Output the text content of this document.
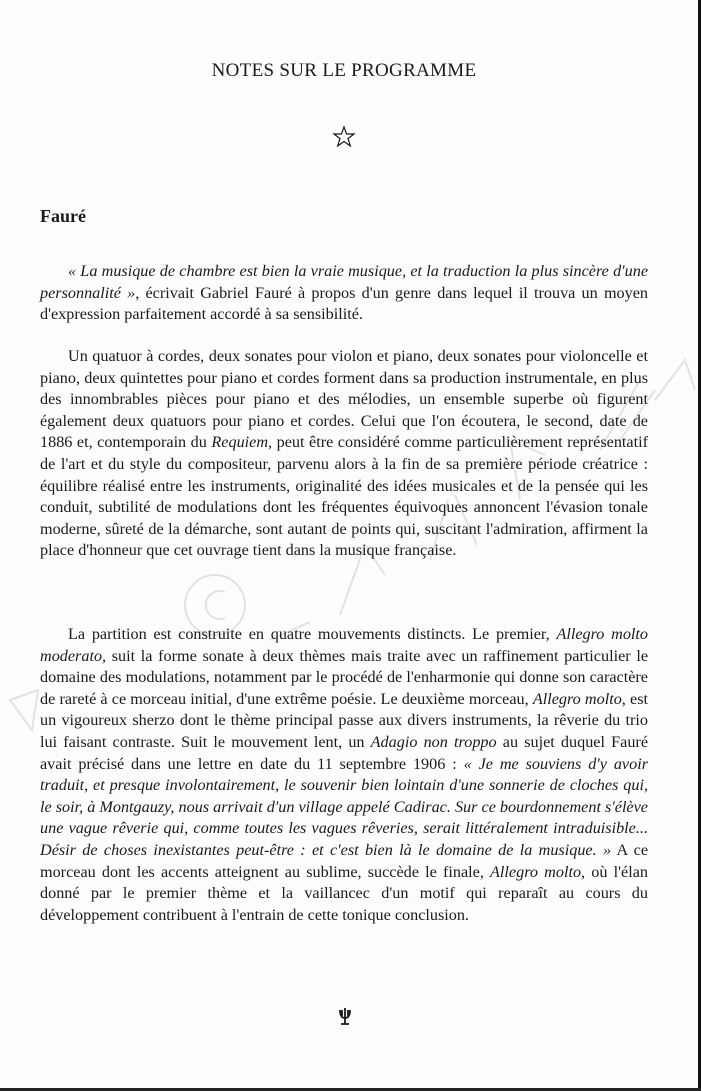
NOTES SUR LE PROGRAMME
Fauré

« La musique de chambre est bien la vraie musique, et la traduction la plus sincère d'une personnalité », écrivait Gabriel Fauré à propos d'un genre dans lequel il trouva un moyen d'expression parfaitement accordé à sa sensibilité.

Un quatuor à cordes, deux sonates pour violon et piano, deux sonates pour violoncelle et piano, deux quintettes pour piano et cordes forment dans sa production instrumentale, en plus des innombrables pièces pour piano et des mélodies, un ensemble superbe où figurent également deux quatuors pour piano et cordes. Celui que l'on écoutera, le second, date de 1886 et, contemporain du Requiem, peut être considéré comme particulièrement représentatif de l'art et du style du compositeur, parvenu alors à la fin de sa première période créatrice : équilibre réalisé entre les instruments, originalité des idées musicales et de la pensée qui les conduit, subtilité de modulations dont les fréquentes équivoques annoncent l'évasion tonale moderne, sûreté de la démarche, sont autant de points qui, suscitant l'admiration, affirment la place d'honneur que cet ouvrage tient dans la musique française.

La partition est construite en quatre mouvements distincts. Le premier, Allegro molto moderato, suit la forme sonate à deux thèmes mais traite avec un raffinement particulier le domaine des modulations, notamment par le procédé de l'enharmonie qui donne son caractère de rareté à ce morceau initial, d'une extrême poésie. Le deuxième morceau, Allegro molto, est un vigoureux sherzo dont le thème principal passe aux divers instruments, la rêverie du trio lui faisant contraste. Suit le mouvement lent, un Adagio non troppo au sujet duquel Fauré avait précisé dans une lettre en date du 11 septembre 1906 : « Je me souviens d'y avoir traduit, et presque involontairement, le souvenir bien lointain d'une sonnerie de cloches qui, le soir, à Montgauzy, nous arrivait d'un village appelé Cadirac. Sur ce bourdonnement s'élève une vague rêverie qui, comme toutes les vagues rêveries, serait littéralement intraduisible... Désir de choses inexistantes peut-être : et c'est bien là le domaine de la musique. » A ce morceau dont les accents atteignent au sublime, succède le finale, Allegro molto, où l'élan donné par le premier thème et la vaillancec d'un motif qui reparaît au cours du développement contribuent à l'entrain de cette tonique conclusion.
